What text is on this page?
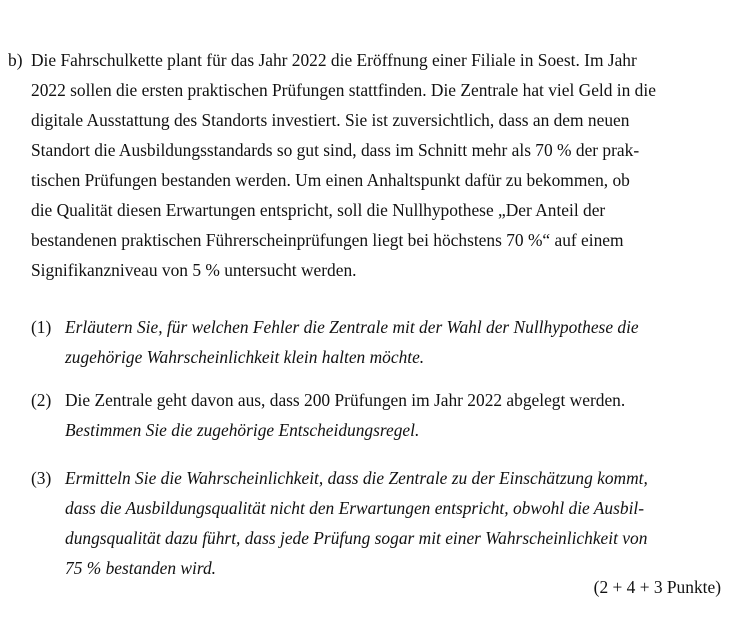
b) Die Fahrschulkette plant für das Jahr 2022 die Eröffnung einer Filiale in Soest. Im Jahr
2022 sollen die ersten praktischen Prüfungen stattfinden. Die Zentrale hat viel Geld in die
digitale Ausstattung des Standorts investiert. Sie ist zuversichtlich, dass an dem neuen
Standort die Ausbildungsstandards so gut sind, dass im Schnitt mehr als 70 % der prak-
tischen Prüfungen bestanden werden. Um einen Anhaltspunkt dafür zu bekommen, ob
die Qualität diesen Erwartungen entspricht, soll die Nullhypothese „Der Anteil der
bestandenen praktischen Führerscheinprüfungen liegt bei höchstens 70 %“ auf einem
Signifikanzniveau von 5 % untersucht werden.
(1) Erläutern Sie, für welchen Fehler die Zentrale mit der Wahl der Nullhypothese die
zugehörige Wahrscheinlichkeit klein halten möchte.
(2) Die Zentrale geht davon aus, dass 200 Prüfungen im Jahr 2022 abgelegt werden.
Bestimmen Sie die zugehörige Entscheidungsregel.
(3) Ermitteln Sie die Wahrscheinlichkeit, dass die Zentrale zu der Einschätzung kommt,
dass die Ausbildungsqualität nicht den Erwartungen entspricht, obwohl die Ausbil-
dungsqualität dazu führt, dass jede Prüfung sogar mit einer Wahrscheinlichkeit von
75 % bestanden wird.
(2 + 4 + 3 Punkte)
